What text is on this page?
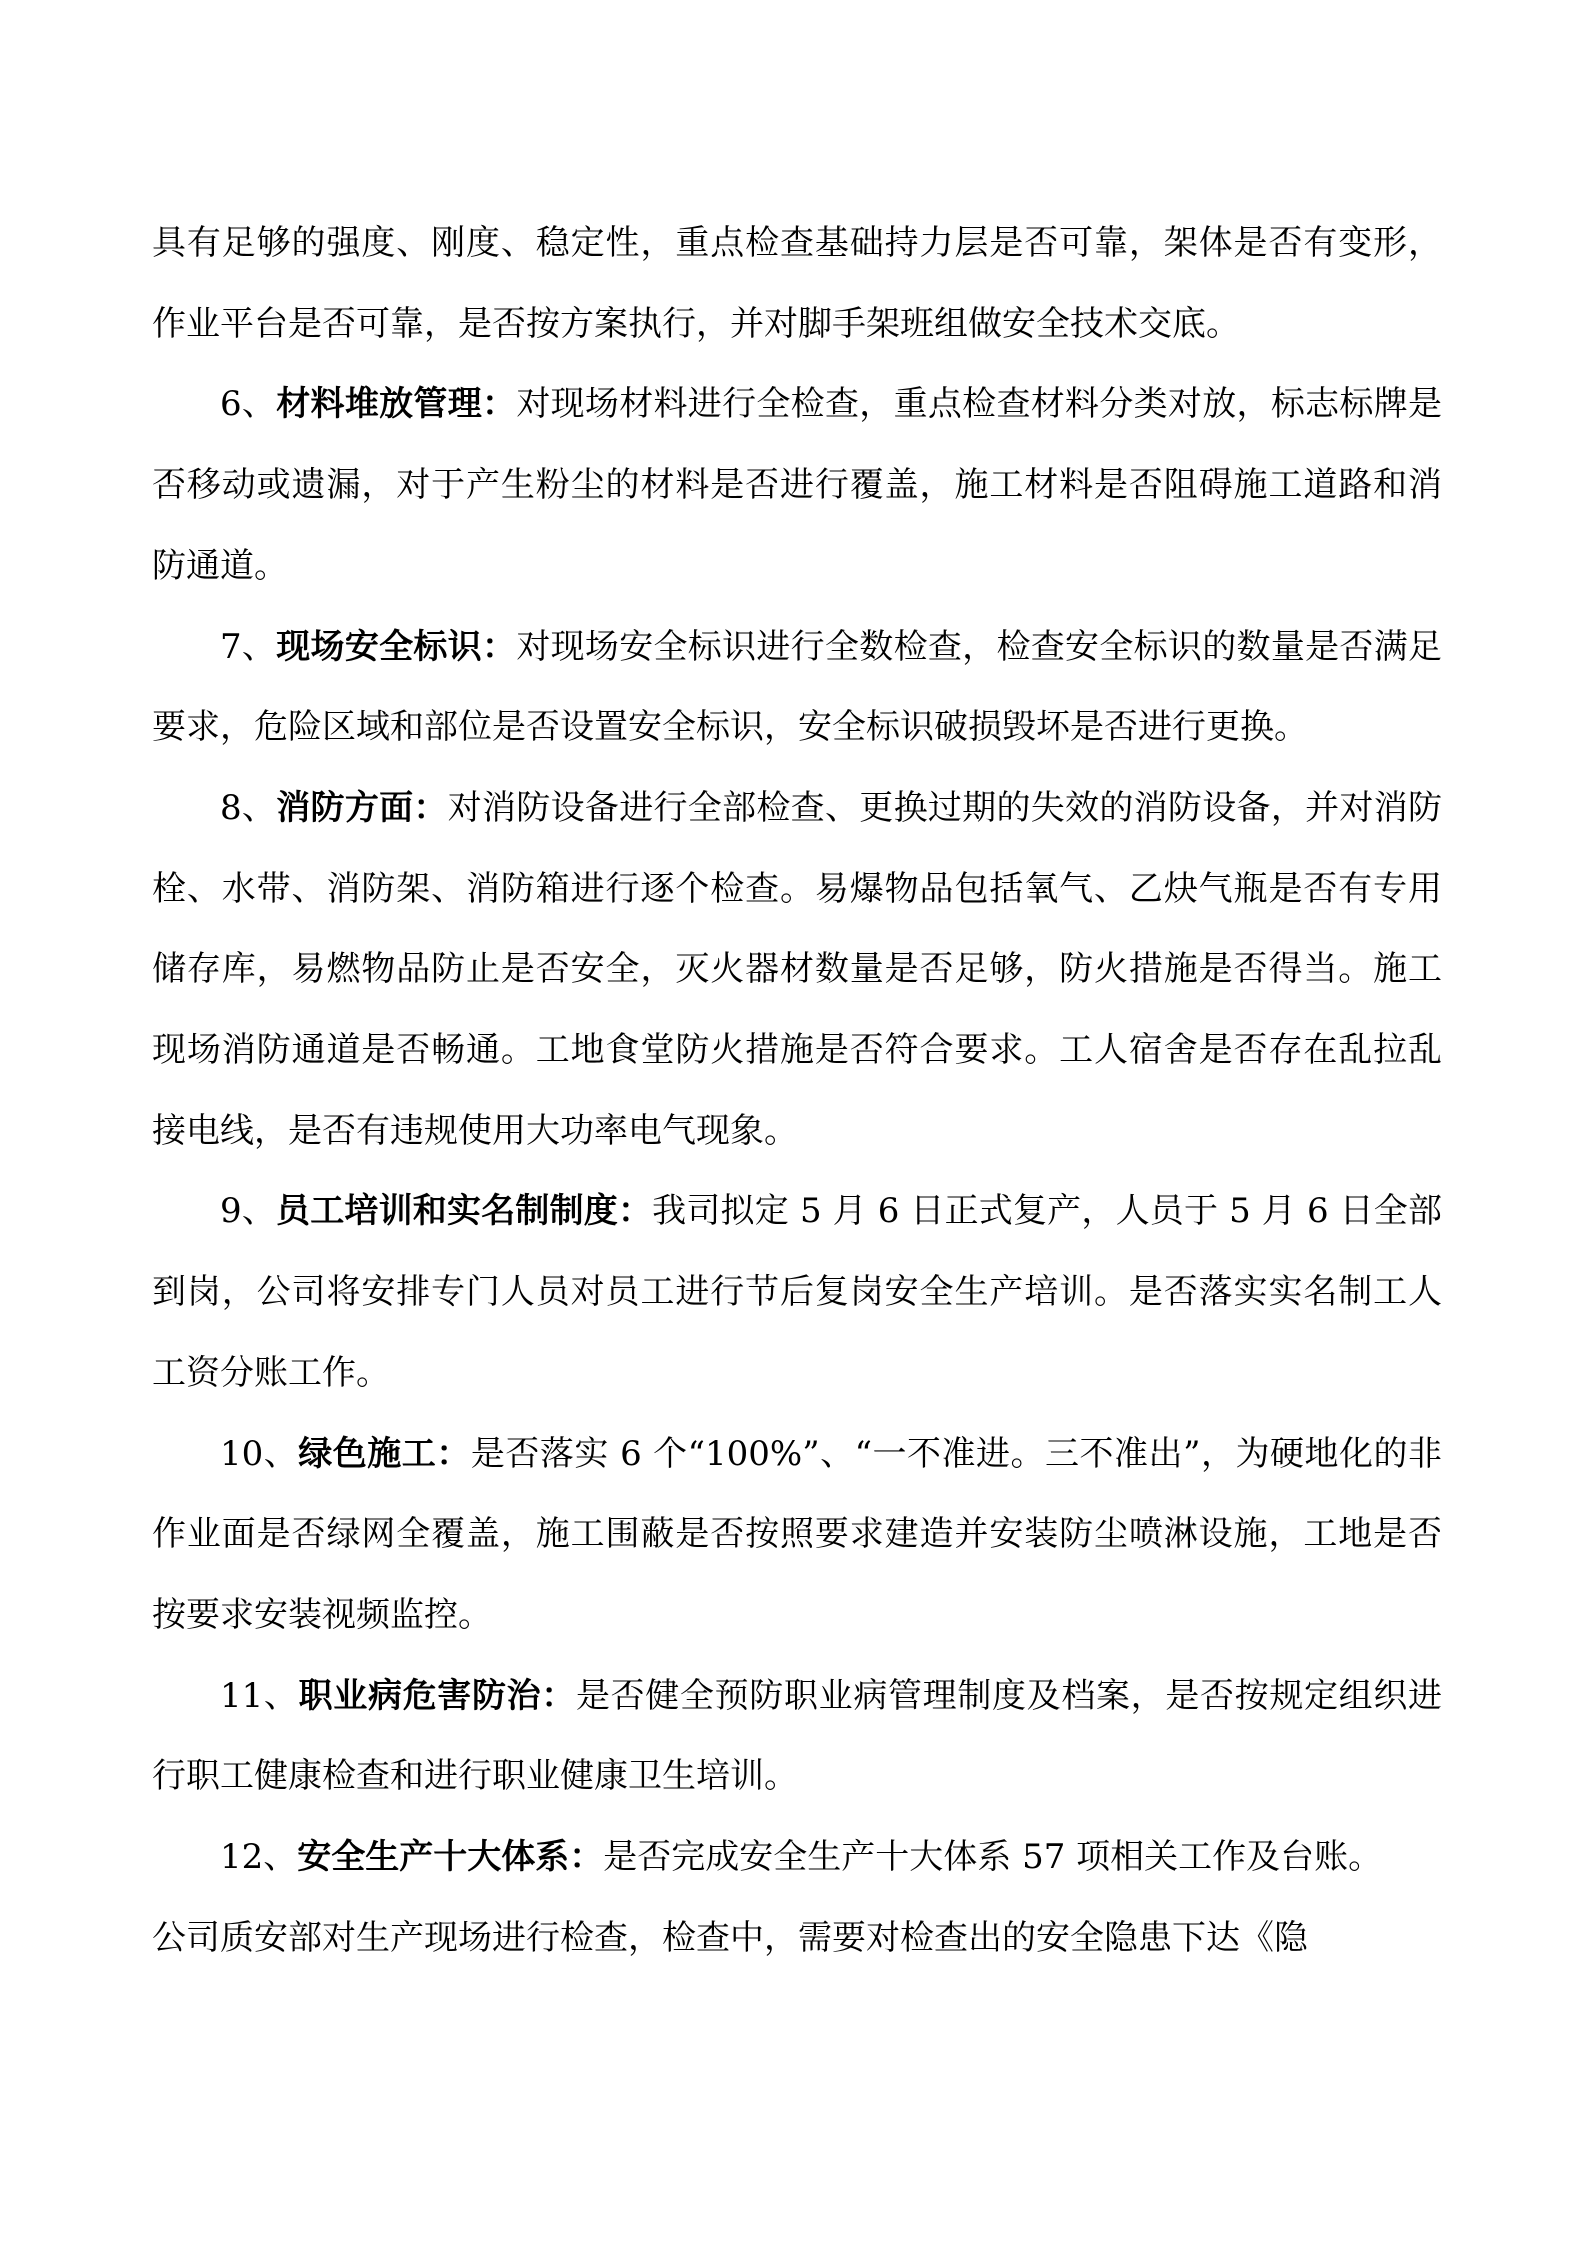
具有足够的强度、刚度、稳定性，重点检查基础持力层是否可靠，架体是否有变形，作业平台是否可靠，是否按方案执行，并对脚手架班组做安全技术交底。

6、材料堆放管理：对现场材料进行全检查，重点检查材料分类对放，标志标牌是否移动或遗漏，对于产生粉尘的材料是否进行覆盖，施工材料是否阻碍施工道路和消防通道。

7、现场安全标识：对现场安全标识进行全数检查，检查安全标识的数量是否满足要求，危险区域和部位是否设置安全标识，安全标识破损毁坏是否进行更换。

8、消防方面：对消防设备进行全部检查、更换过期的失效的消防设备，并对消防栓、水带、消防架、消防箱进行逐个检查。易爆物品包括氧气、乙炔气瓶是否有专用储存库，易燃物品防止是否安全，灭火器材数量是否足够，防火措施是否得当。施工现场消防通道是否畅通。工地食堂防火措施是否符合要求。工人宿舍是否存在乱拉乱接电线，是否有违规使用大功率电气现象。

9、员工培训和实名制制度：我司拟定 5 月 6 日正式复产，人员于 5 月 6 日全部到岗，公司将安排专门人员对员工进行节后复岗安全生产培训。是否落实实名制工人工资分账工作。

10、绿色施工：是否落实 6 个“100%”、“一不准进。三不准出”，为硬地化的非作业面是否绿网全覆盖，施工围蔽是否按照要求建造并安装防尘喷淋设施，工地是否按要求安装视频监控。

11、职业病危害防治：是否健全预防职业病管理制度及档案，是否按规定组织进行职工健康检查和进行职业健康卫生培训。

12、安全生产十大体系：是否完成安全生产十大体系 57 项相关工作及台账。

公司质安部对生产现场进行检查，检查中，需要对检查出的安全隐患下达《隐
